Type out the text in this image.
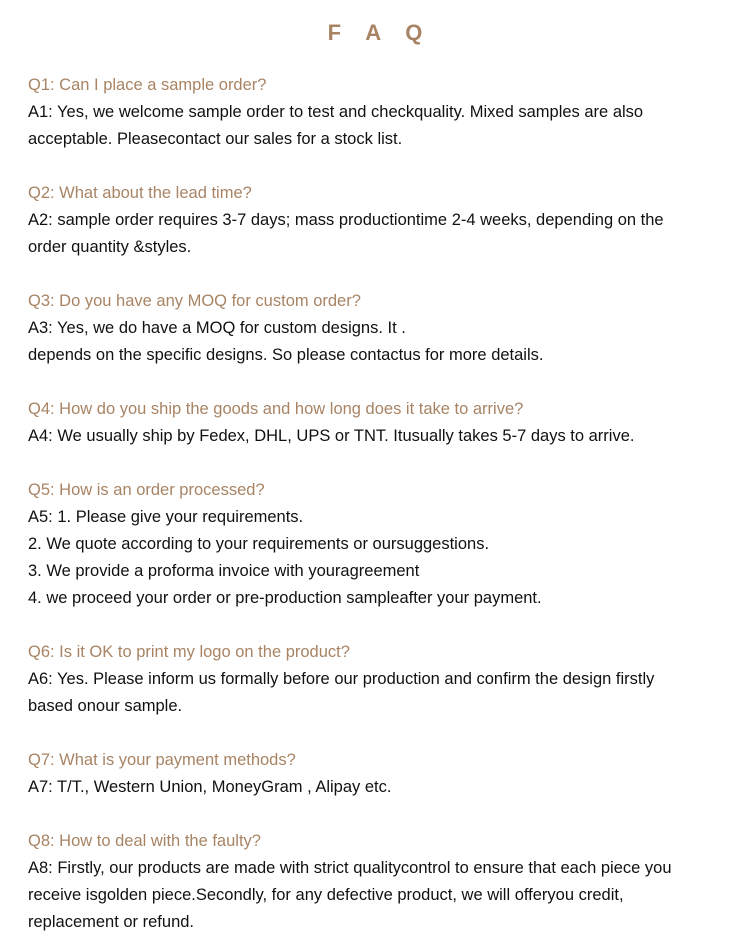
F A Q
Q1: Can I place a sample order?
A1: Yes, we welcome sample order to test and checkquality. Mixed samples are also
acceptable. Pleasecontact our sales for a stock list.
Q2: What about the lead time?
A2: sample order requires 3-7 days; mass productiontime 2-4 weeks, depending on the
order quantity &styles.
Q3: Do you have any MOQ for custom order?
A3: Yes, we do have a MOQ for custom designs. It .
depends on the specific designs. So please contactus for more details.
Q4: How do you ship the goods and how long does it take to arrive?
A4: We usually ship by Fedex, DHL, UPS or TNT. Itusually takes 5-7 days to arrive.
Q5: How is an order processed?
A5: 1. Please give your requirements.
2. We quote according to your requirements or oursuggestions.
3. We provide a proforma invoice with youragreement
4. we proceed your order or pre-production sampleafter your payment.
Q6: Is it OK to print my logo on the product?
A6: Yes. Please inform us formally before our production and confirm the design firstly
based onour sample.
Q7: What is your payment methods?
A7: T/T., Western Union, MoneyGram , Alipay etc.
Q8: How to deal with the faulty?
A8: Firstly, our products are made with strict qualitycontrol to ensure that each piece you
receive isgolden piece.Secondly, for any defective product, we will offeryou credit,
replacement or refund.
